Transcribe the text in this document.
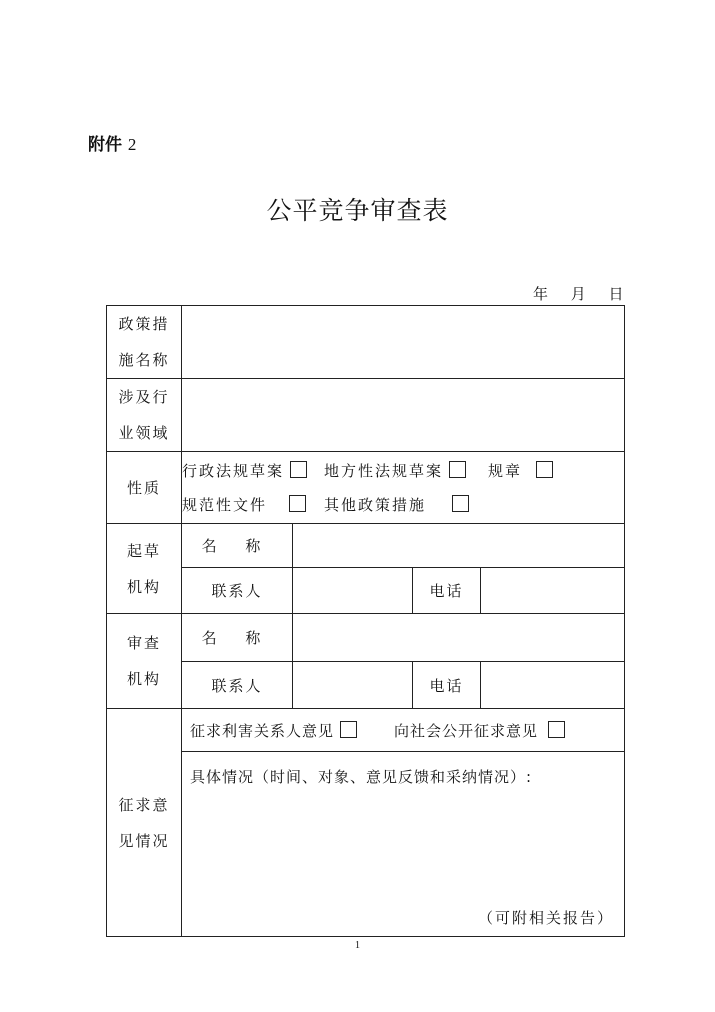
附件 2
公平竞争审查表
年 月 日
政策措
施名称				

涉及行
业领域				

性质	行政法规草案 地方性法规草案 规章
规范性文件 其他政策措施			

起草
机构	名 称			
	联系人		电话	

审查
机构	名 称			
	联系人		电话	

征求意
见情况	征求利害关系人意见 向社会公开征求意见			

	具体情况（时间、对象、意见反馈和采纳情况）:
（可附相关报告）			
1
